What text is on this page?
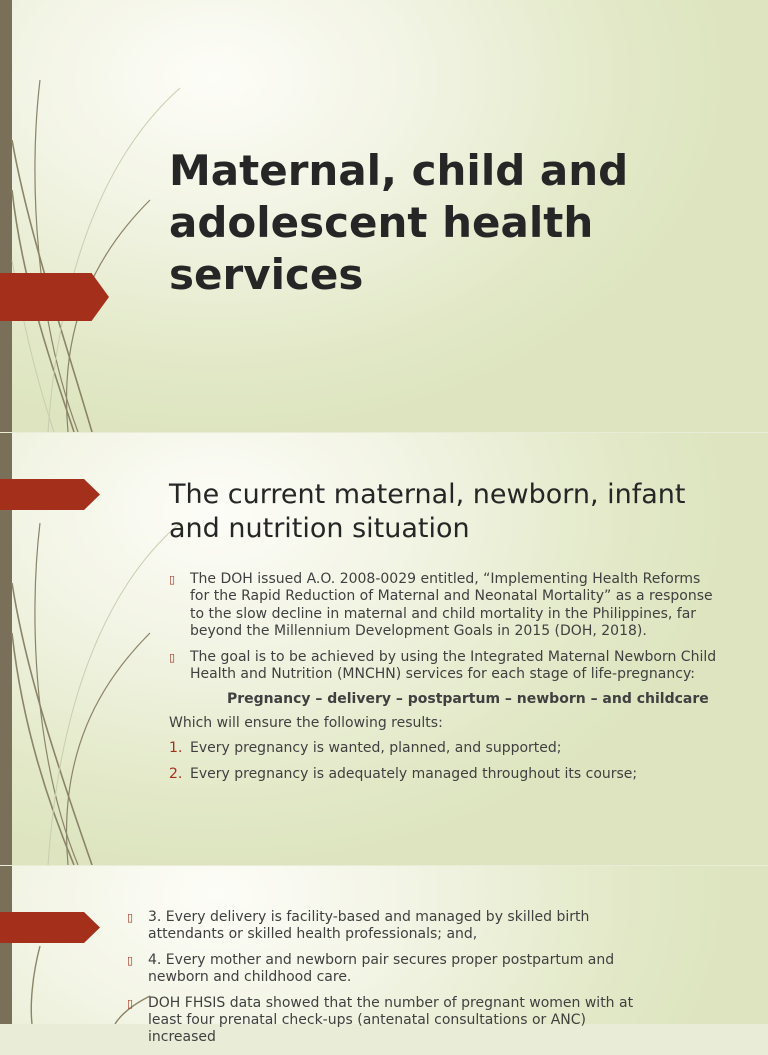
Maternal, child and adolescent health services
The current maternal, newborn, infant and nutrition situation
▯ The DOH issued A.O. 2008-0029 entitled, “Implementing Health Reforms for the Rapid Reduction of Maternal and Neonatal Mortality” as a response to the slow decline in maternal and child mortality in the Philippines, far beyond the Millennium Development Goals in 2015 (DOH, 2018).
▯ The goal is to be achieved by using the Integrated Maternal Newborn Child Health and Nutrition (MNCHN) services for each stage of life-pregnancy:

Pregnancy – delivery – postpartum – newborn – and childcare

Which will ensure the following results:

1. Every pregnancy is wanted, planned, and supported;
2. Every pregnancy is adequately managed throughout its course;
▯ 3. Every delivery is facility-based and managed by skilled birth attendants or skilled health professionals; and,
▯ 4. Every mother and newborn pair secures proper postpartum and newborn and childhood care.
▯ DOH FHSIS data showed that the number of pregnant women with at least four prenatal check-ups (antenatal consultations or ANC) increased
